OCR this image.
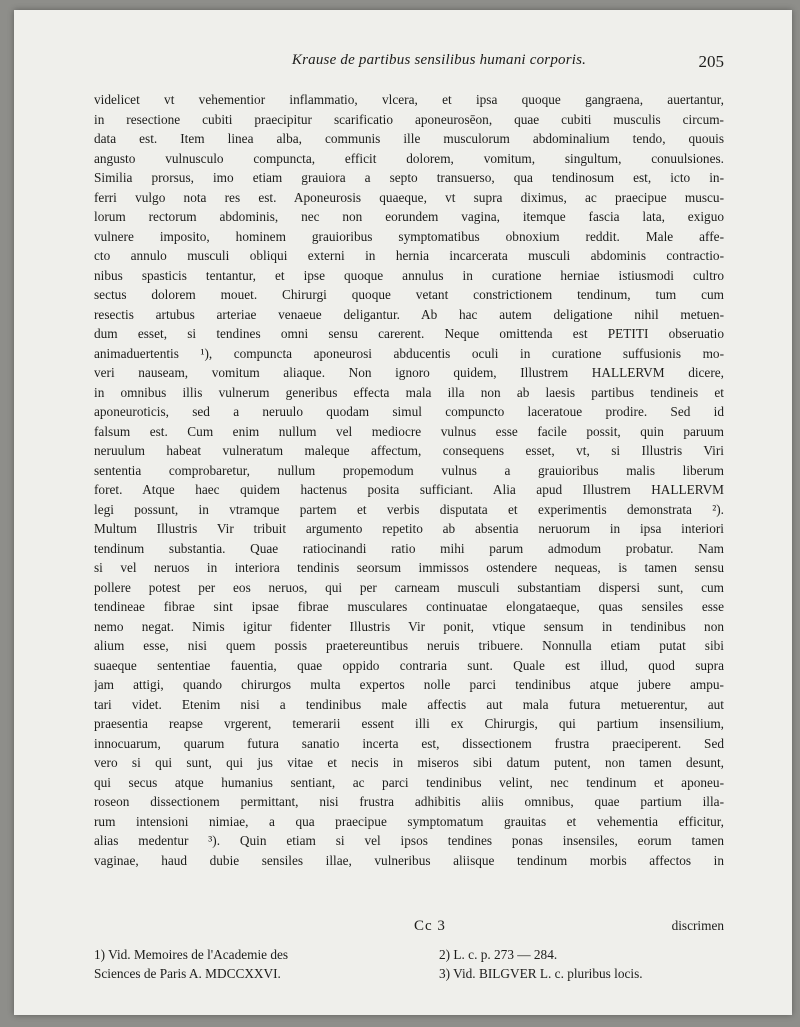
Krause de partibus sensilibus humani corporis.	205
videlicet vt vehementior inflammatio, vlcera, et ipsa quoque gangraena, auertantur,
in resectione cubiti praecipitur scarificatio aponeurosēon, quae cubiti musculis circum-
data est. Item linea alba, communis ille musculorum abdominalium tendo, quouis
angusto vulnusculo compuncta, efficit dolorem, vomitum, singultum, conuulsiones.
Similia prorsus, imo etiam grauiora a septo transuerso, qua tendinosum est, icto in-
ferri vulgo nota res est. Aponeurosis quaeque, vt supra diximus, ac praecipue muscu-
lorum rectorum abdominis, nec non eorundem vagina, itemque fascia lata, exiguo
vulnere imposito, hominem grauioribus symptomatibus obnoxium reddit. Male affe-
cto annulo musculi obliqui externi in hernia incarcerata musculi abdominis contractio-
nibus spasticis tentantur, et ipse quoque annulus in curatione herniae istiusmodi cultro
sectus dolorem mouet. Chirurgi quoque vetant constrictionem tendinum, tum cum
resectis artubus arteriae venaeue deligantur. Ab hac autem deligatione nihil metuen-
dum esset, si tendines omni sensu carerent. Neque omittenda est PETITI obseruatio
animaduertentis ¹), compuncta aponeurosi abducentis oculi in curatione suffusionis mo-
veri nauseam, vomitum aliaque. Non ignoro quidem, Illustrem HALLERVM dicere,
in omnibus illis vulnerum generibus effecta mala illa non ab laesis partibus tendineis et
aponeuroticis, sed a neruulo quodam simul compuncto laceratoue prodire. Sed id
falsum est. Cum enim nullum vel mediocre vulnus esse facile possit, quin paruum
neruulum habeat vulneratum maleque affectum, consequens esset, vt, si Illustris Viri
sententia comprobaretur, nullum propemodum vulnus a grauioribus malis liberum
foret. Atque haec quidem hactenus posita sufficiant. Alia apud Illustrem HALLERVM
legi possunt, in vtramque partem et verbis disputata et experimentis demonstrata ²).
Multum Illustris Vir tribuit argumento repetito ab absentia neruorum in ipsa interiori
tendinum substantia. Quae ratiocinandi ratio mihi parum admodum probatur. Nam
si vel neruos in interiora tendinis seorsum immissos ostendere nequeas, is tamen sensu
pollere potest per eos neruos, qui per carneam musculi substantiam dispersi sunt, cum
tendineae fibrae sint ipsae fibrae musculares continuatae elongataeque, quas sensiles esse
nemo negat. Nimis igitur fidenter Illustris Vir ponit, vtique sensum in tendinibus non
alium esse, nisi quem possis praetereuntibus neruis tribuere. Nonnulla etiam putat sibi
suaeque sententiae fauentia, quae oppido contraria sunt. Quale est illud, quod supra
jam attigi, quando chirurgos multa expertos nolle parci tendinibus atque jubere ampu-
tari videt. Etenim nisi a tendinibus male affectis aut mala futura metuerentur, aut
praesentia reapse vrgerent, temerarii essent illi ex Chirurgis, qui partium insensilium,
innocuarum, quarum futura sanatio incerta est, dissectionem frustra praeciperent. Sed
vero si qui sunt, qui jus vitae et necis in miseros sibi datum putent, non tamen desunt,
qui secus atque humanius sentiant, ac parci tendinibus velint, nec tendinum et aponeu-
roseon dissectionem permittant, nisi frustra adhibitis aliis omnibus, quae partium illa-
rum intensioni nimiae, a qua praecipue symptomatum grauitas et vehementia efficitur,
alias medentur ³). Quin etiam si vel ipsos tendines ponas insensiles, eorum tamen
vaginae, haud dubie sensiles illae, vulneribus aliisque tendinum morbis affectos in
Cc 3	discrimen
1) Vid. Memoires de l'Academie des
Sciences de Paris A. MDCCXXVI.
2) L. c. p. 273 — 284.
3) Vid. BILGVER L. c. pluribus locis.
